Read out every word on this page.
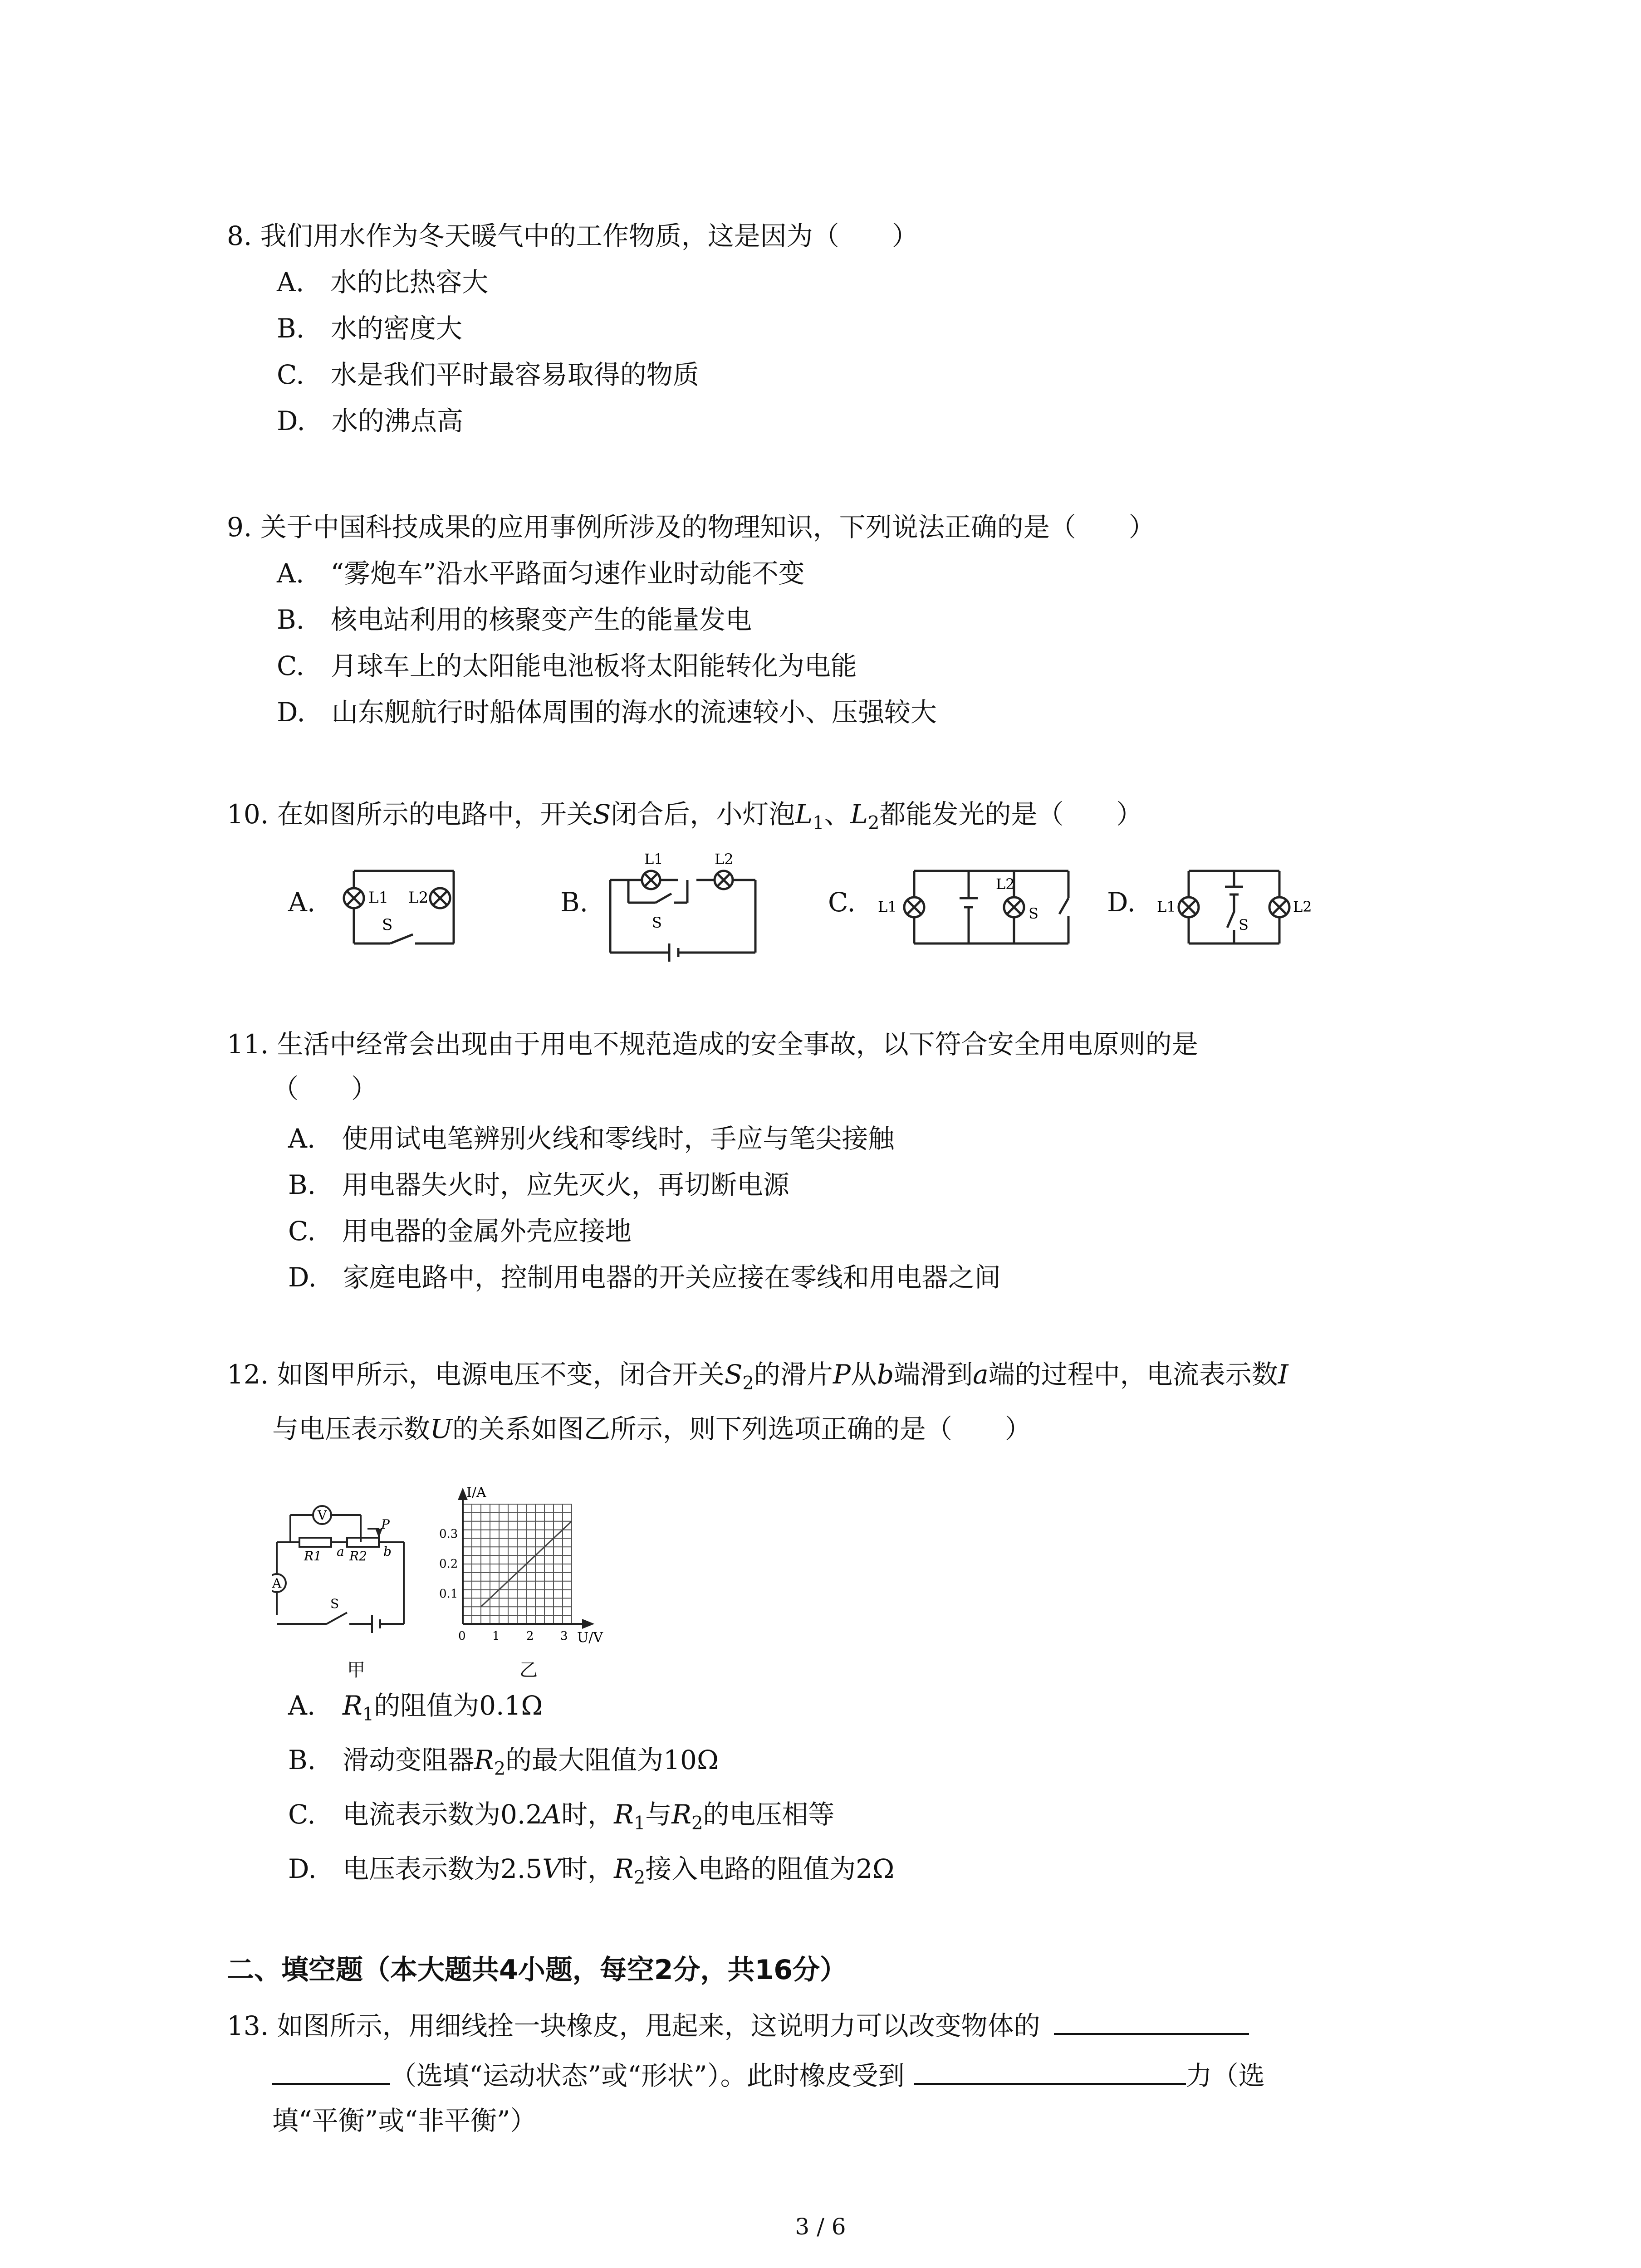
8. 我们用水作为冬天暖气中的工作物质，这是因为（　　）
A.　水的比热容大
B.　水的密度大
C.　水是我们平时最容易取得的物质
D.　水的沸点高
9. 关于中国科技成果的应用事例所涉及的物理知识，下列说法正确的是（　　）
A.　“雾炮车”沿水平路面匀速作业时动能不变
B.　核电站利用的核聚变产生的能量发电
C.　月球车上的太阳能电池板将太阳能转化为电能
D.　山东舰航行时船体周围的海水的流速较小、压强较大
10. 在如图所示的电路中，开关S闭合后，小灯泡$L_1$、$L_2$都能发光的是（　　）
A.	B.	C.	D.
L1 L2
S
L1	L2
S
L1
L2
S	L1	L2
S
11. 生活中经常会出现由于用电不规范造成的安全事故，以下符合安全用电原则的是
（　　）
A.　使用试电笔辨别火线和零线时，手应与笔尖接触
B.　用电器失火时，应先灭火，再切断电源
C.　用电器的金属外壳应接地
D.　家庭电路中，控制用电器的开关应接在零线和用电器之间
12. 如图甲所示，电源电压不变，闭合开关$S_2$的滑片P从b端滑到a端的过程中，电流表示数I
与电压表示数U的关系如图乙所示，则下列选项正确的是（　　）
V
A
P
R1 a R2 b
S
甲
I/A
U/V
0 1 2 3
0.1
0.2
0.3
乙
A. $R_1$的阻值为0.1Ω
B. 滑动变阻器$R_2$的最大阻值为10Ω
C. 电流表示数为0.2A时，$R_1$与$R_2$的电压相等
D. 电压表示数为2.5V时，$R_2$接入电路的阻值为2Ω
二、填空题（本大题共4小题，每空2分，共16分）
13. 如图所示，用细线拴一块橡皮，甩起来，这说明力可以改变物体的
（选填“运动状态”或“形状”）。此时橡皮受到	力（选
填“平衡”或“非平衡”）
3 / 6
